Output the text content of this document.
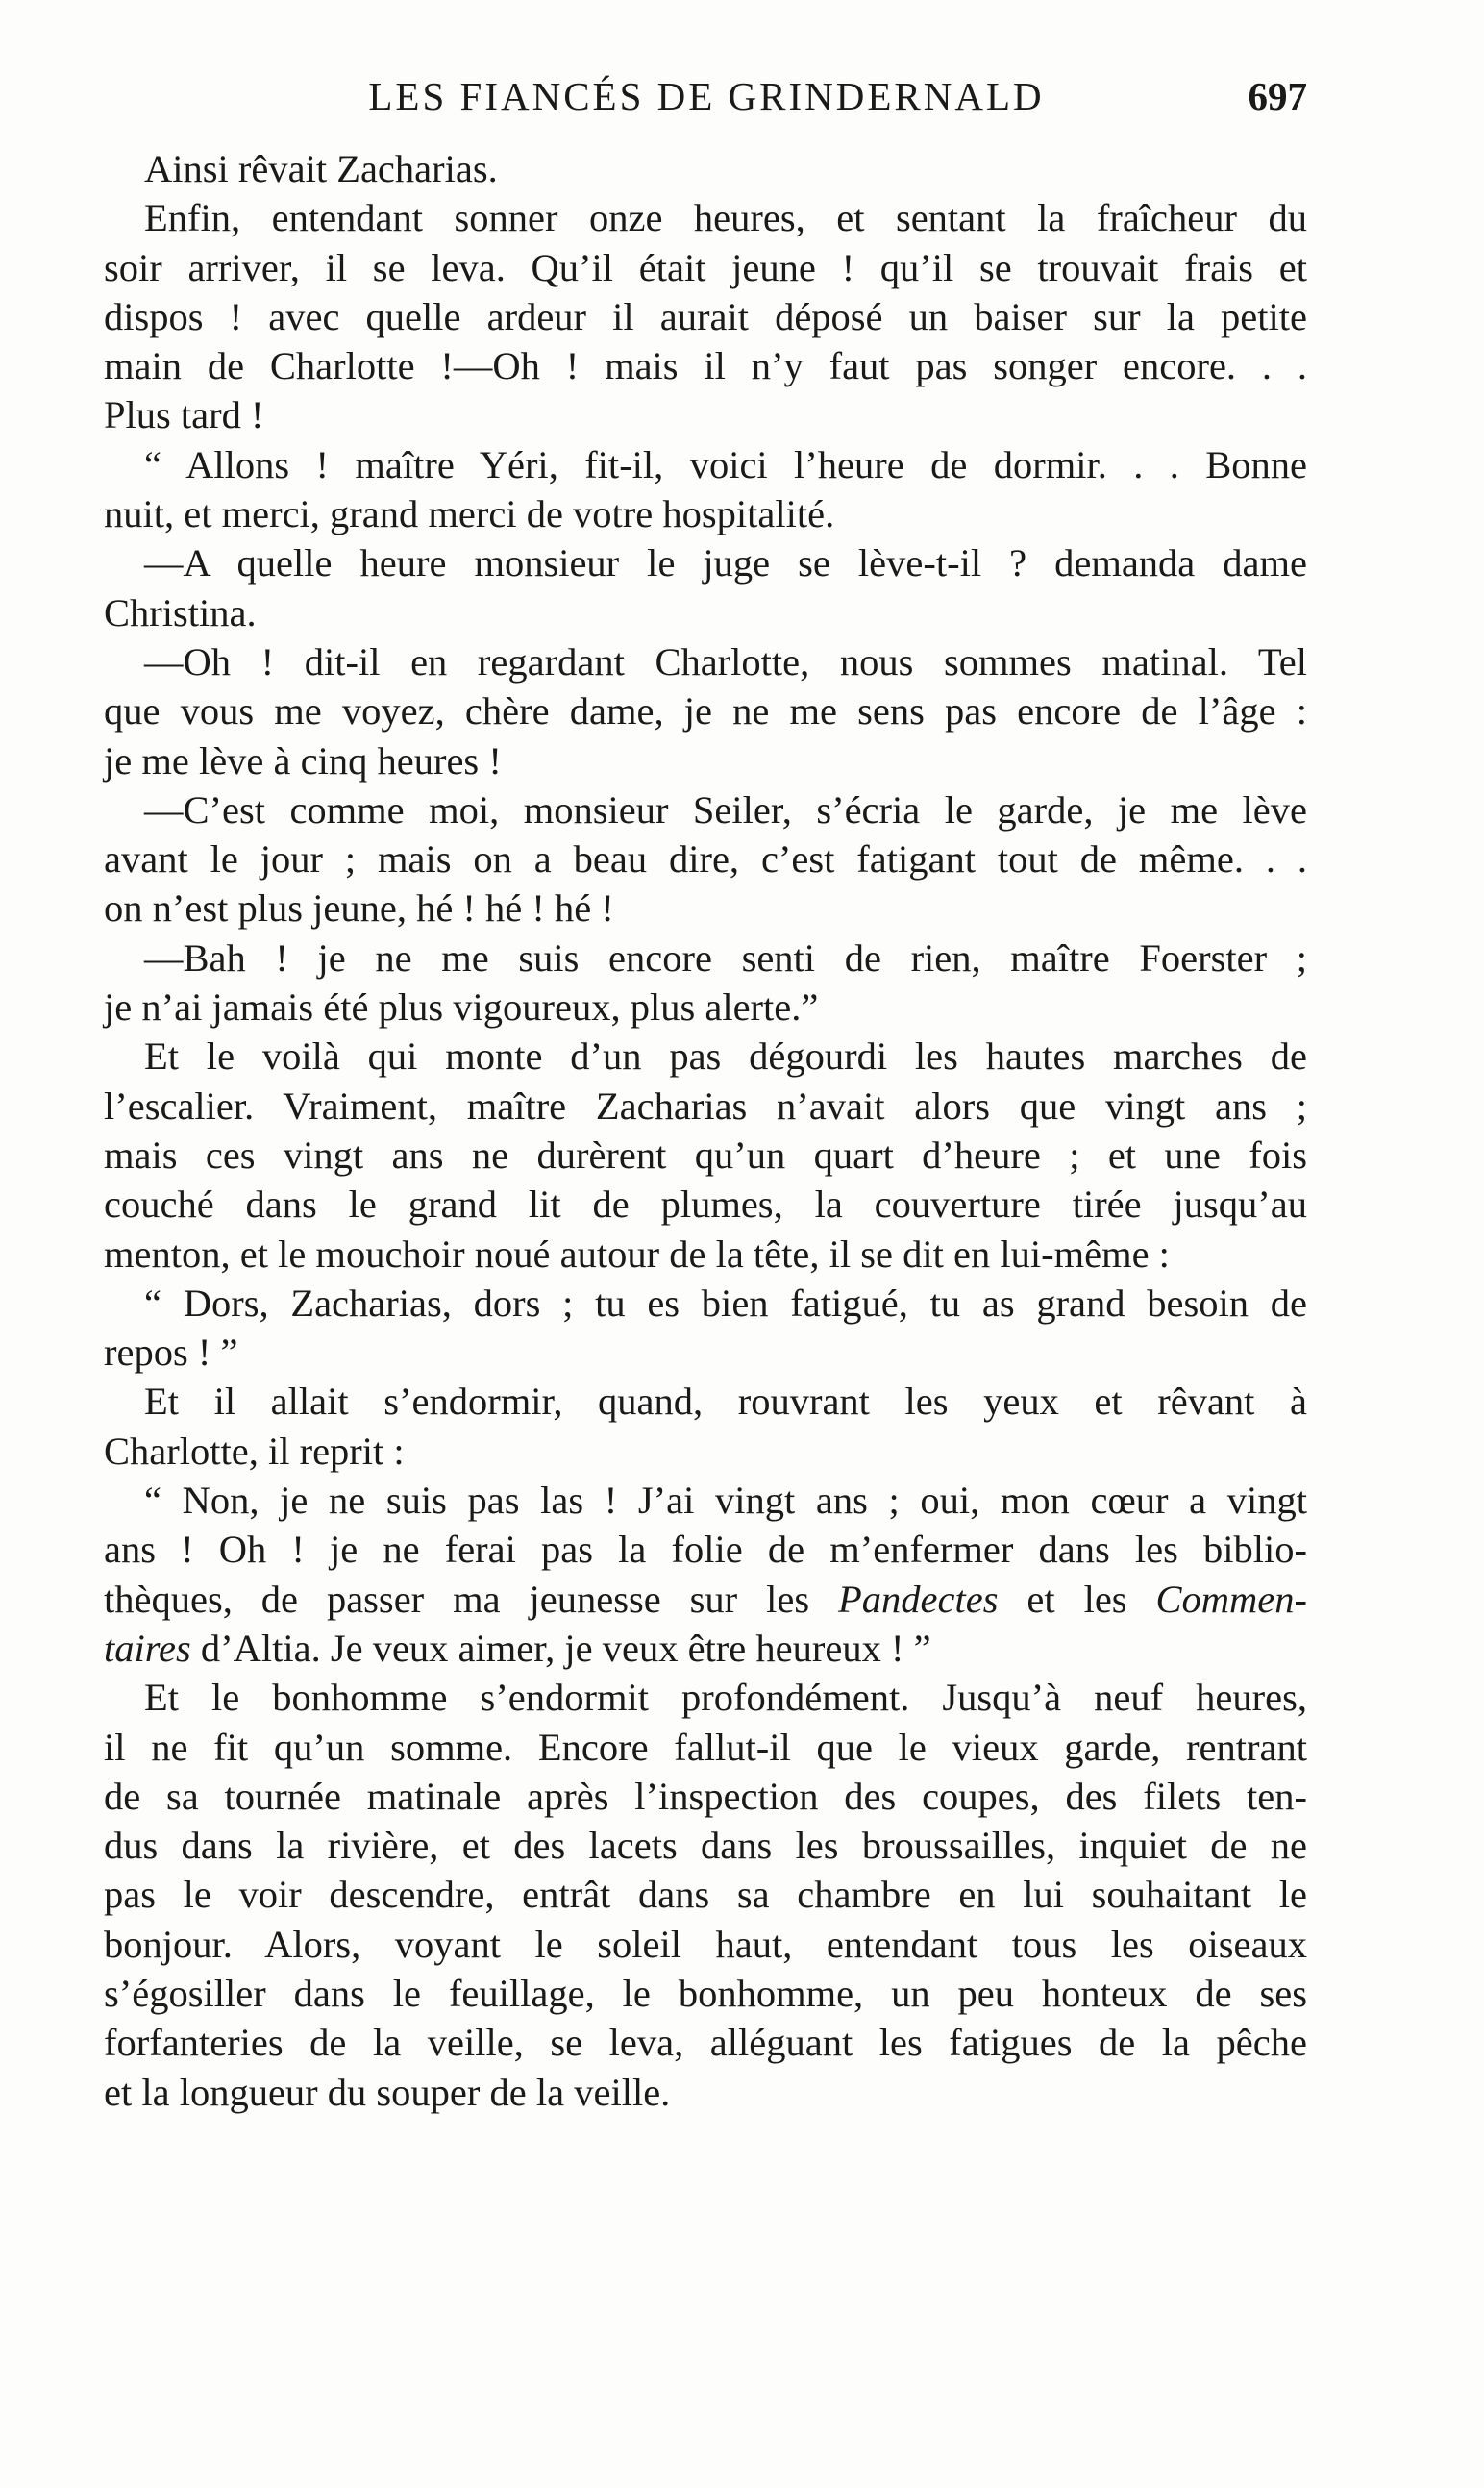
LES FIANCÉS DE GRINDERNALD	697
Ainsi rêvait Zacharias.
Enfin, entendant sonner onze heures, et sentant la fraîcheur du
soir arriver, il se leva. Qu’il était jeune ! qu’il se trouvait frais et
dispos ! avec quelle ardeur il aurait déposé un baiser sur la petite
main de Charlotte !—Oh ! mais il n’y faut pas songer encore. . .
Plus tard !
“ Allons ! maître Yéri, fit-il, voici l’heure de dormir. . . Bonne
nuit, et merci, grand merci de votre hospitalité.
—A quelle heure monsieur le juge se lève-t-il ? demanda dame
Christina.
—Oh ! dit-il en regardant Charlotte, nous sommes matinal. Tel
que vous me voyez, chère dame, je ne me sens pas encore de l’âge :
je me lève à cinq heures !
—C’est comme moi, monsieur Seiler, s’écria le garde, je me lève
avant le jour ; mais on a beau dire, c’est fatigant tout de même. . .
on n’est plus jeune, hé ! hé ! hé !
—Bah ! je ne me suis encore senti de rien, maître Foerster ;
je n’ai jamais été plus vigoureux, plus alerte.”
Et le voilà qui monte d’un pas dégourdi les hautes marches de
l’escalier. Vraiment, maître Zacharias n’avait alors que vingt ans ;
mais ces vingt ans ne durèrent qu’un quart d’heure ; et une fois
couché dans le grand lit de plumes, la couverture tirée jusqu’au
menton, et le mouchoir noué autour de la tête, il se dit en lui-même :
“ Dors, Zacharias, dors ; tu es bien fatigué, tu as grand besoin de
repos ! ”
Et il allait s’endormir, quand, rouvrant les yeux et rêvant à
Charlotte, il reprit :
“ Non, je ne suis pas las ! J’ai vingt ans ; oui, mon cœur a vingt
ans ! Oh ! je ne ferai pas la folie de m’enfermer dans les biblio-
thèques, de passer ma jeunesse sur les Pandectes et les Commen-
taires d’Altia. Je veux aimer, je veux être heureux ! ”
Et le bonhomme s’endormit profondément. Jusqu’à neuf heures,
il ne fit qu’un somme. Encore fallut-il que le vieux garde, rentrant
de sa tournée matinale après l’inspection des coupes, des filets ten-
dus dans la rivière, et des lacets dans les broussailles, inquiet de ne
pas le voir descendre, entrât dans sa chambre en lui souhaitant le
bonjour. Alors, voyant le soleil haut, entendant tous les oiseaux
s’égosiller dans le feuillage, le bonhomme, un peu honteux de ses
forfanteries de la veille, se leva, alléguant les fatigues de la pêche
et la longueur du souper de la veille.
